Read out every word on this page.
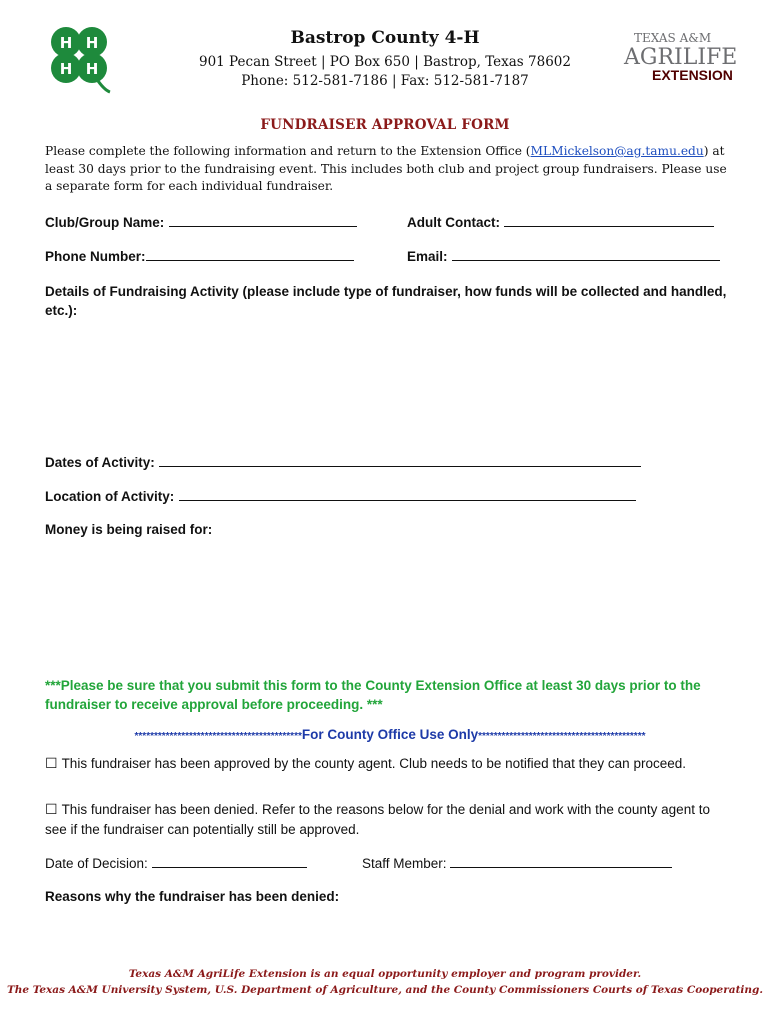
H H
H H
Bastrop County 4-H
901 Pecan Street | PO Box 650 | Bastrop, Texas 78602
Phone: 512-581-7186 | Fax: 512-581-7187
TEXAS A&M
AGRILIFE
EXTENSION
FUNDRAISER APPROVAL FORM
Please complete the following information and return to the Extension Office (MLMickelson@ag.tamu.edu) at least 30 days prior to the fundraising event. This includes both club and project group fundraisers. Please use a separate form for each individual fundraiser.
Club/Group Name:	Adult Contact:
Phone Number:	Email:
Details of Fundraising Activity (please include type of fundraiser, how funds will be collected and handled, etc.):
Dates of Activity:
Location of Activity:
Money is being raised for:
***Please be sure that you submit this form to the County Extension Office at least 30 days prior to the fundraiser to receive approval before proceeding. ***
*******************************************For County Office Use Only*******************************************
☐ This fundraiser has been approved by the county agent. Club needs to be notified that they can proceed.
☐ This fundraiser has been denied. Refer to the reasons below for the denial and work with the county agent to see if the fundraiser can potentially still be approved.
Date of Decision:	Staff Member:
Reasons why the fundraiser has been denied:
Texas A&M AgriLife Extension is an equal opportunity employer and program provider.
The Texas A&M University System, U.S. Department of Agriculture, and the County Commissioners Courts of Texas Cooperating.
